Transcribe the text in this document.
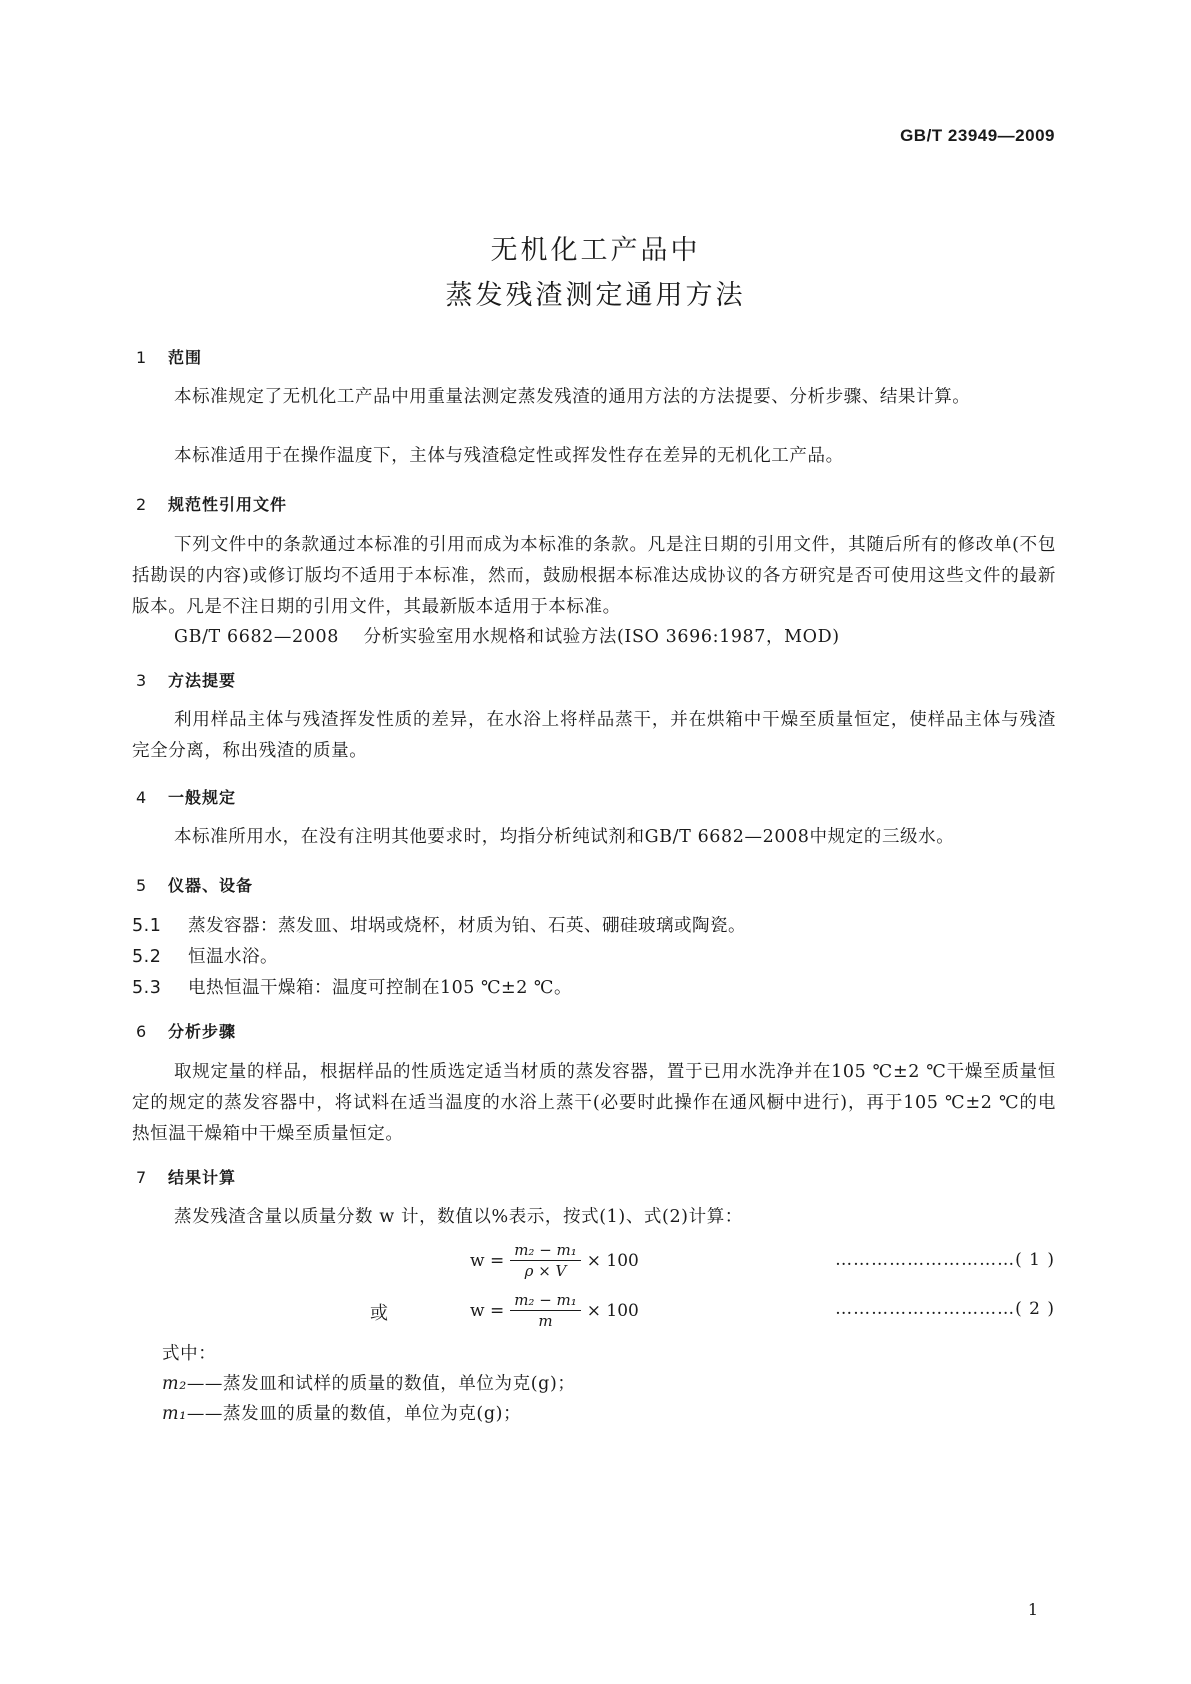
GB/T 23949—2009
无机化工产品中
蒸发残渣测定通用方法
1 范围
本标准规定了无机化工产品中用重量法测定蒸发残渣的通用方法的方法提要、分析步骤、结果计算。
本标准适用于在操作温度下，主体与残渣稳定性或挥发性存在差异的无机化工产品。
2 规范性引用文件
下列文件中的条款通过本标准的引用而成为本标准的条款。凡是注日期的引用文件，其随后所有的修改单(不包括勘误的内容)或修订版均不适用于本标准，然而，鼓励根据本标准达成协议的各方研究是否可使用这些文件的最新版本。凡是不注日期的引用文件，其最新版本适用于本标准。
GB/T 6682—2008 分析实验室用水规格和试验方法(ISO 3696:1987，MOD)
3 方法提要
利用样品主体与残渣挥发性质的差异，在水浴上将样品蒸干，并在烘箱中干燥至质量恒定，使样品主体与残渣完全分离，称出残渣的质量。
4 一般规定
本标准所用水，在没有注明其他要求时，均指分析纯试剂和GB/T 6682—2008中规定的三级水。
5 仪器、设备
5.1 蒸发容器：蒸发皿、坩埚或烧杯，材质为铂、石英、硼硅玻璃或陶瓷。
5.2 恒温水浴。
5.3 电热恒温干燥箱：温度可控制在105 ℃±2 ℃。
6 分析步骤
取规定量的样品，根据样品的性质选定适当材质的蒸发容器，置于已用水洗净并在105 ℃±2 ℃干燥至质量恒定的规定的蒸发容器中，将试料在适当温度的水浴上蒸干(必要时此操作在通风橱中进行)，再于105 ℃±2 ℃的电热恒温干燥箱中干燥至质量恒定。
7 结果计算
蒸发残渣含量以质量分数 w 计，数值以%表示，按式(1)、式(2)计算：
$w = \frac{\text{m₂ − m₁}}{\rho \times V} \times 100$	…………………………( 1 )
或	$w = \frac{\text{m₂ − m₁}}{m} \times 100$	…………………………( 2 )
式中：
m₂——蒸发皿和试样的质量的数值，单位为克(g)；
m₁——蒸发皿的质量的数值，单位为克(g)；
1
